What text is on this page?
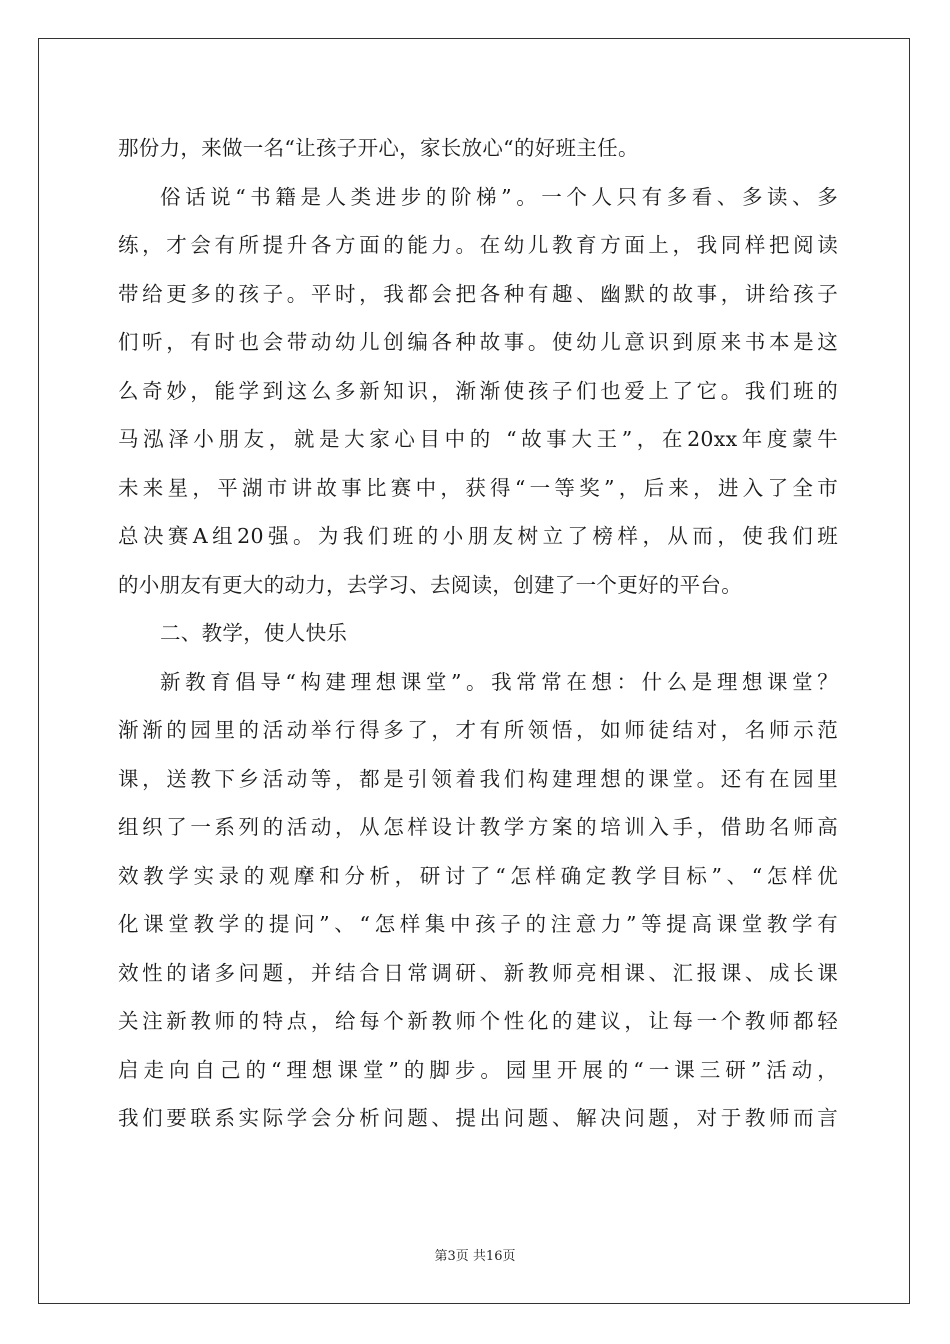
那份力，来做一名“让孩子开心，家长放心“的好班主任。
俗话说“书籍是人类进步的阶梯”。一个人只有多看、多读、多
练，才会有所提升各方面的能力。在幼儿教育方面上，我同样把阅读
带给更多的孩子。平时，我都会把各种有趣、幽默的故事，讲给孩子
们听，有时也会带动幼儿创编各种故事。使幼儿意识到原来书本是这
么奇妙，能学到这么多新知识，渐渐使孩子们也爱上了它。我们班的
马泓泽小朋友，就是大家心目中的 “故事大王”，在20xx年度蒙牛
未来星，平湖市讲故事比赛中，获得“一等奖”，后来，进入了全市
总决赛A组20强。为我们班的小朋友树立了榜样，从而，使我们班
的小朋友有更大的动力，去学习、去阅读，创建了一个更好的平台。
二、教学，使人快乐
新教育倡导“构建理想课堂”。我常常在想：什么是理想课堂？
渐渐的园里的活动举行得多了，才有所领悟，如师徒结对，名师示范
课，送教下乡活动等，都是引领着我们构建理想的课堂。还有在园里
组织了一系列的活动，从怎样设计教学方案的培训入手，借助名师高
效教学实录的观摩和分析，研讨了“怎样确定教学目标”、“怎样优
化课堂教学的提问”、“怎样集中孩子的注意力”等提高课堂教学有
效性的诸多问题，并结合日常调研、新教师亮相课、汇报课、成长课
关注新教师的特点，给每个新教师个性化的建议，让每一个教师都轻
启走向自己的“理想课堂”的脚步。园里开展的“一课三研”活动，
我们要联系实际学会分析问题、提出问题、解决问题，对于教师而言
第3页 共16页
